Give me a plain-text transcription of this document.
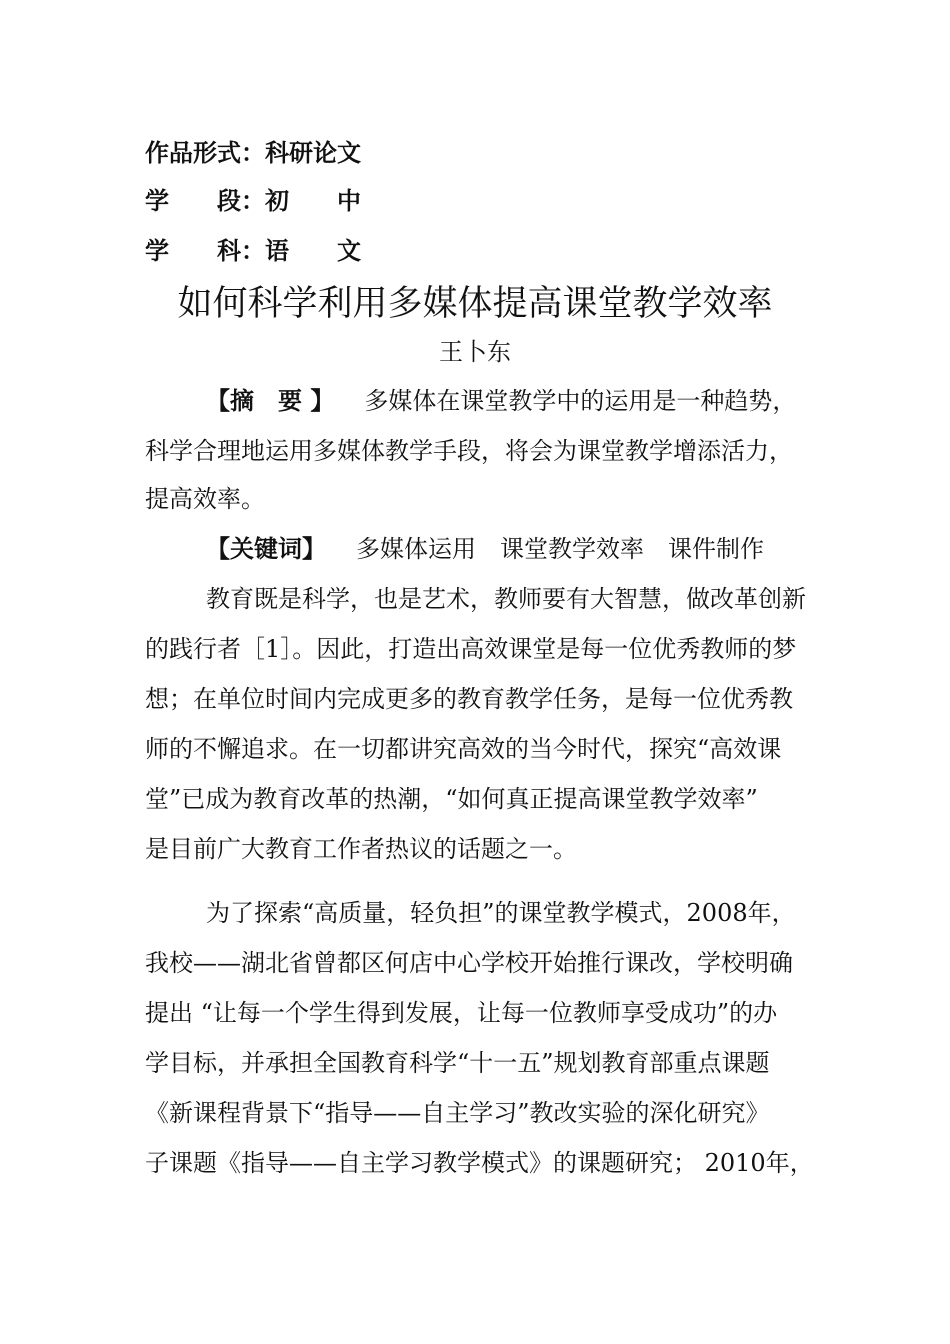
作品形式：科研论文
学　　段：初　　中
学　　科：语　　文
如何科学利用多媒体提高课堂教学效率
王卜东
【摘　要 】 多媒体在课堂教学中的运用是一种趋势，
科学合理地运用多媒体教学手段，将会为课堂教学增添活力，
提高效率。
【关键词】 多媒体运用 课堂教学效率 课件制作
教育既是科学，也是艺术，教师要有大智慧，做改革创新
的践行者［1］。因此，打造出高效课堂是每一位优秀教师的梦
想；在单位时间内完成更多的教育教学任务，是每一位优秀教
师的不懈追求。在一切都讲究高效的当今时代，探究“高效课
堂”已成为教育改革的热潮，“如何真正提高课堂教学效率”
是目前广大教育工作者热议的话题之一。
为了探索“高质量，轻负担”的课堂教学模式，2008年，
我校——湖北省曾都区何店中心学校开始推行课改，学校明确
提出 “让每一个学生得到发展，让每一位教师享受成功”的办
学目标，并承担全国教育科学“十一五”规划教育部重点课题
《新课程背景下“指导——自主学习”教改实验的深化研究》
子课题《指导——自主学习教学模式》的课题研究； 2010年，
